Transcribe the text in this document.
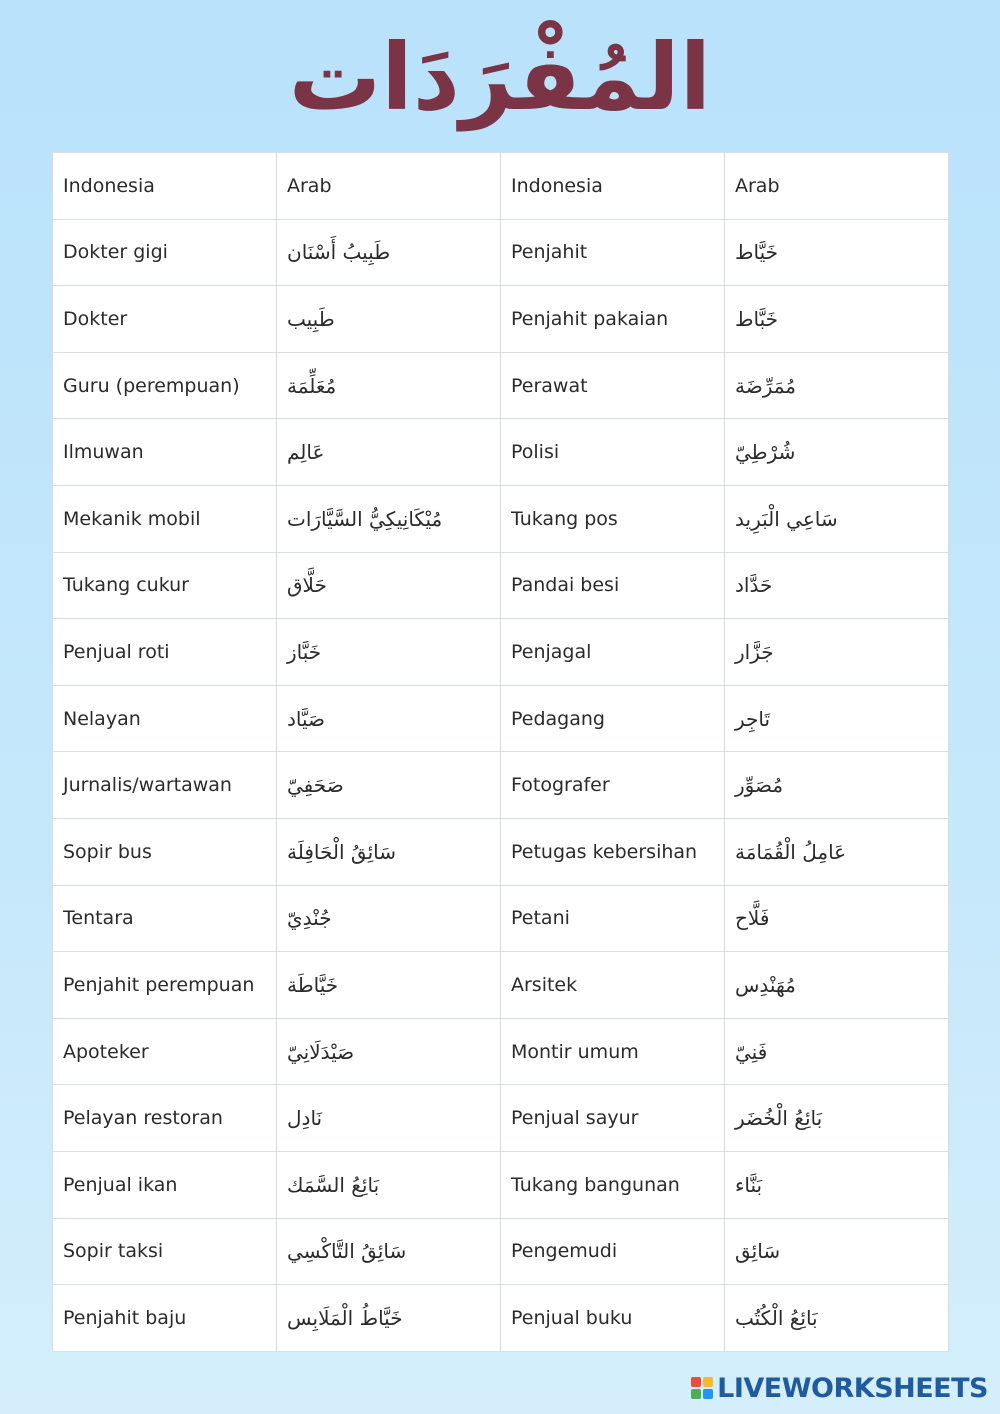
المُفْرَدَات
Indonesia	Arab	Indonesia	Arab
Dokter gigi	طَبِيبُ أَسْنَان	Penjahit	خَيَّاط
Dokter	طَبِيب	Penjahit pakaian	خَبَّاط
Guru (perempuan)	مُعَلِّمَة	Perawat	مُمَرِّضَة
Ilmuwan	عَالِم	Polisi	شُرْطِيّ
Mekanik mobil	مُيْكَانِيكِيُّ السَّيَّارَات	Tukang pos	سَاعِي الْبَرِيد
Tukang cukur	حَلَّاق	Pandai besi	حَدَّاد
Penjual roti	خَبَّاز	Penjagal	جَزَّار
Nelayan	صَيَّاد	Pedagang	تَاجِر
Jurnalis/wartawan	صَحَفِيّ	Fotografer	مُصَوِّر
Sopir bus	سَائِقُ الْحَافِلَة	Petugas kebersihan	عَامِلُ الْقُمَامَة
Tentara	جُنْدِيّ	Petani	فَلَّاح
Penjahit perempuan	خَيَّاطَة	Arsitek	مُهَنْدِس
Apoteker	صَيْدَلَانِيّ	Montir umum	فَنِيّ
Pelayan restoran	نَادِل	Penjual sayur	بَائِعُ الْخُضَر
Penjual ikan	بَائِعُ السَّمَك	Tukang bangunan	بَنَّاء
Sopir taksi	سَائِقُ التَّاكْسِي	Pengemudi	سَائِق
Penjahit baju	خَيَّاطُ الْمَلَابِس	Penjual buku	بَائِعُ الْكُتُب
LIVEWORKSHEETS
